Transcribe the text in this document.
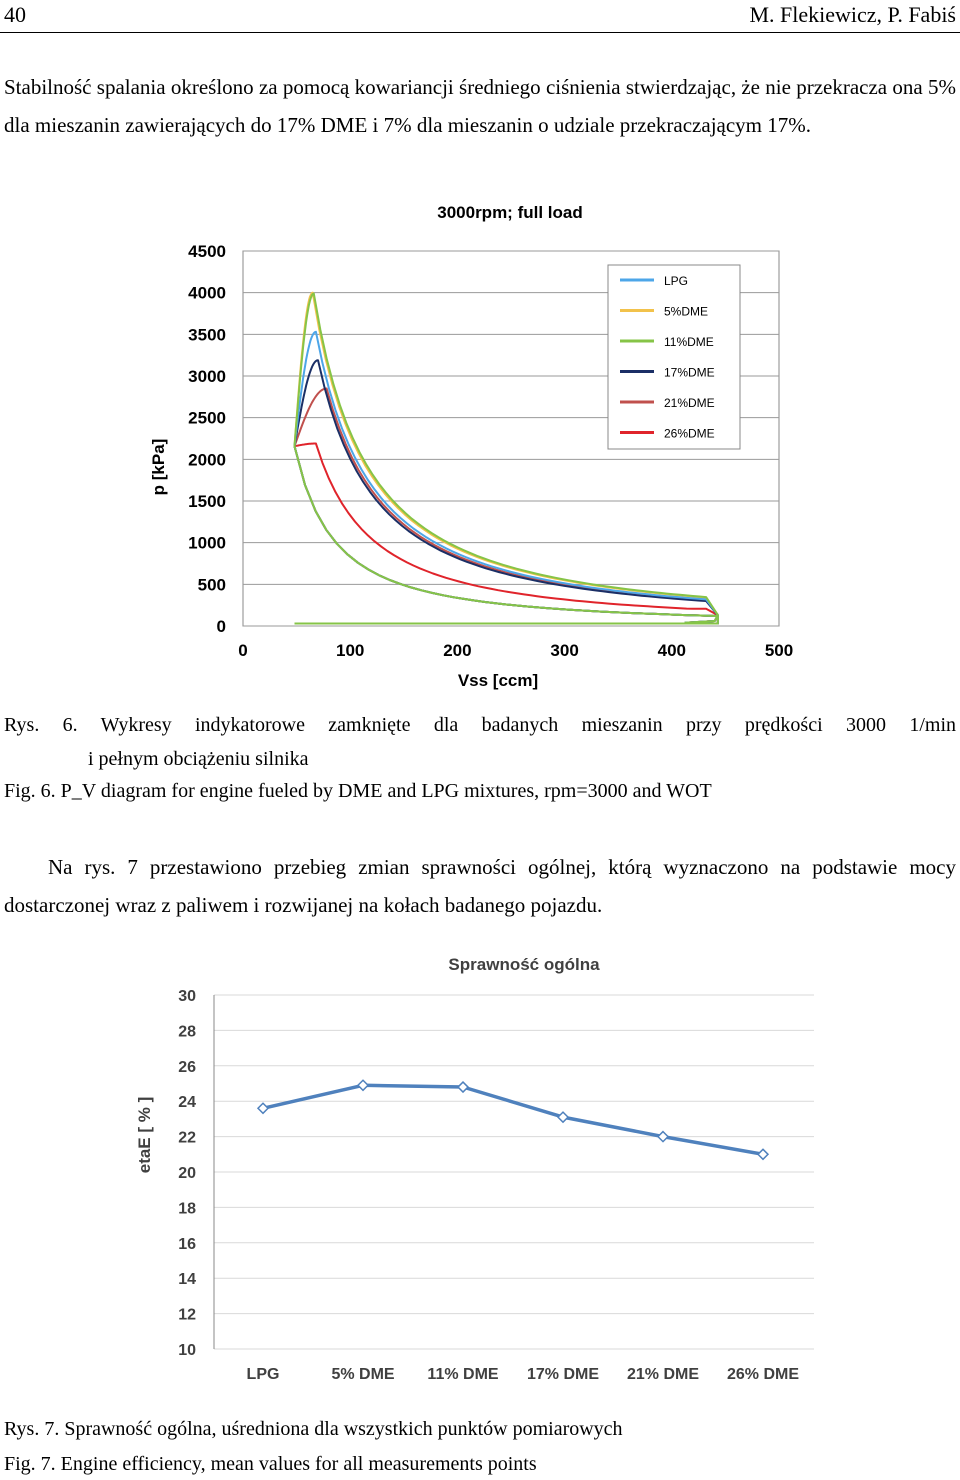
40	M. Flekiewicz, P. Fabiś
Stabilność spalania określono za pomocą kowariancji średniego ciśnienia stwierdzając, że nie przekracza ona 5% dla mieszanin zawierających do 17% DME i 7% dla mieszanin o udziale przekraczającym 17%.
3000rpm; full load
p [kPa]
Vss [ccm]
0
500
1000
1500
2000
2500
3000
3500
4000
4500
0	100	200	300	400	500
LPG
5%DME
11%DME
17%DME
21%DME
26%DME
Rys. 6. Wykresy indykatorowe zamknięte dla badanych mieszanin przy prędkości 3000 1/min
i pełnym obciążeniu silnika
Fig. 6. P_V diagram for engine fueled by DME and LPG mixtures, rpm=3000 and WOT
Na rys. 7 przestawiono przebieg zmian sprawności ogólnej, którą wyznaczono na podstawie mocy dostarczonej wraz z paliwem i rozwijanej na kołach badanego pojazdu.
Sprawność ogólna
etaE [ % ]
30
28
26
24
22
20
18
16
14
12
10
LPG	5% DME 11% DME 17% DME 21% DME 26% DME
Rys. 7. Sprawność ogólna, uśredniona dla wszystkich punktów pomiarowych
Fig. 7. Engine efficiency, mean values for all measurements points
